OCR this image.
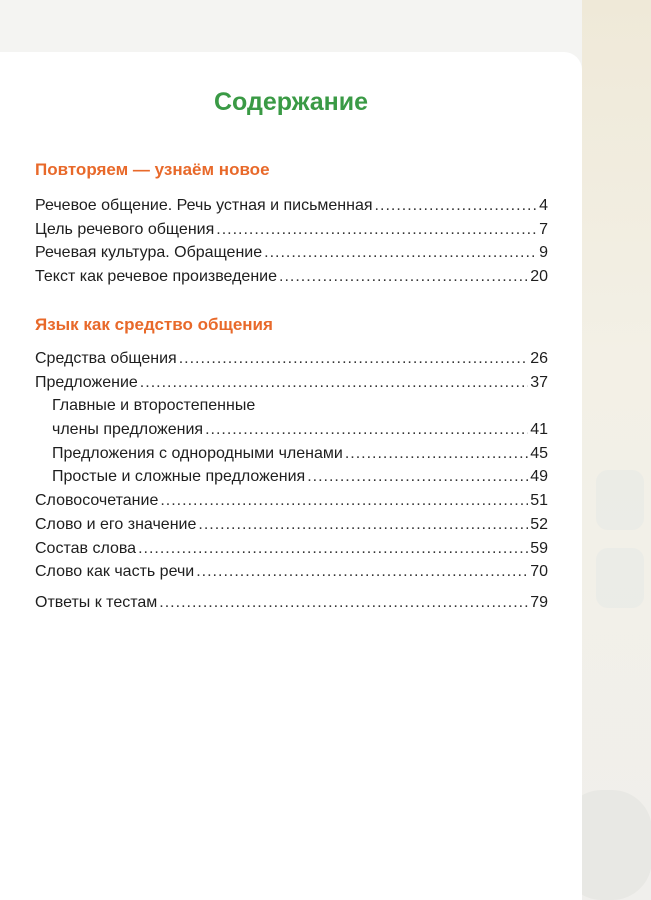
Содержание
Повторяем — узнаём новое
Речевое общение. Речь устная и письменная .....	4
Цель речевого общения .....	7
Речевая культура. Обращение .....	9
Текст как речевое произведение .....	20
Язык как средство общения
Средства общения .....	26
Предложение .....	37
Главные и второстепенные
члены предложения .....	41
Предложения с однородными членами .....	45
Простые и сложные предложения .....	49
Словосочетание .....	51
Слово и его значение .....	52
Состав слова .....	59
Слово как часть речи .....	70
Ответы к тестам .....	79
